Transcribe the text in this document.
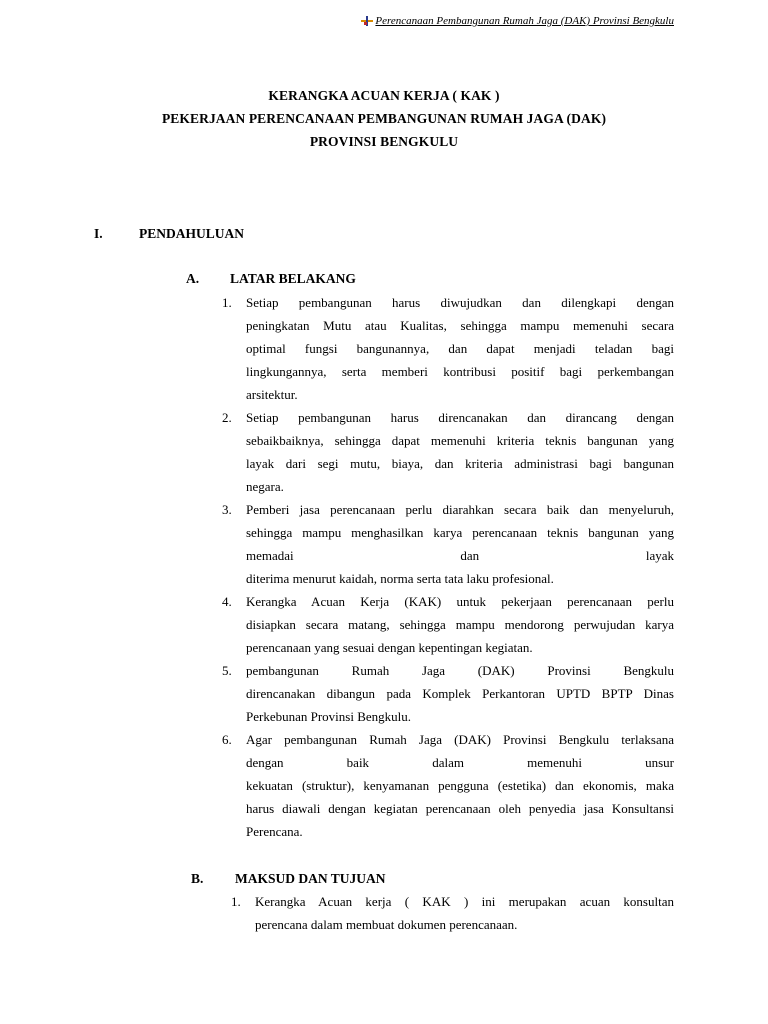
Perencanaan Pembangunan Rumah Jaga (DAK) Provinsi Bengkulu
KERANGKA ACUAN KERJA ( KAK )
PEKERJAAN PERENCANAAN PEMBANGUNAN RUMAH JAGA (DAK)
PROVINSI BENGKULU
I.	PENDAHULUAN
A. LATAR BELAKANG
1. Setiap pembangunan harus diwujudkan dan dilengkapi dengan
peningkatan Mutu atau Kualitas, sehingga mampu memenuhi secara
optimal fungsi bangunannya, dan dapat menjadi teladan bagi
lingkungannya, serta memberi kontribusi positif bagi perkembangan
arsitektur.
2. Setiap pembangunan harus direncanakan dan dirancang dengan
sebaikbaiknya, sehingga dapat memenuhi kriteria teknis bangunan yang
layak dari segi mutu, biaya, dan kriteria administrasi bagi bangunan
negara.
3. Pemberi jasa perencanaan perlu diarahkan secara baik dan menyeluruh,
sehingga mampu menghasilkan karya perencanaan teknis bangunan yang
memadai dan layak
diterima menurut kaidah, norma serta tata laku profesional.
4. Kerangka Acuan Kerja (KAK) untuk pekerjaan perencanaan perlu
disiapkan secara matang, sehingga mampu mendorong perwujudan karya
perencanaan yang sesuai dengan kepentingan kegiatan.
5. pembangunan Rumah Jaga (DAK) Provinsi Bengkulu
direncanakan dibangun pada Komplek Perkantoran UPTD BPTP Dinas
Perkebunan Provinsi Bengkulu.
6. Agar pembangunan Rumah Jaga (DAK) Provinsi Bengkulu terlaksana
dengan baik dalam memenuhi unsur
kekuatan (struktur), kenyamanan pengguna (estetika) dan ekonomis, maka
harus diawali dengan kegiatan perencanaan oleh penyedia jasa Konsultansi
Perencana.
B. MAKSUD DAN TUJUAN
1. Kerangka Acuan kerja ( KAK ) ini merupakan acuan konsultan
perencana dalam membuat dokumen perencanaan.
